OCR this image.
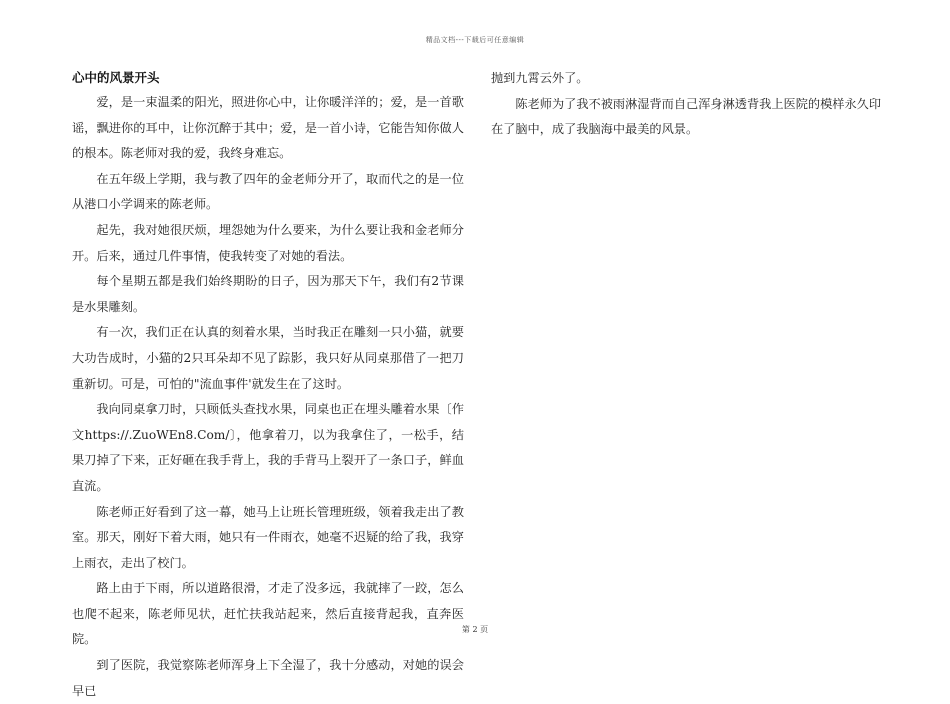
精品文档---下载后可任意编辑
心中的风景开头

爱，是一束温柔的阳光，照进你心中，让你暖洋洋的；爱，是一首歌谣，飘进你的耳中，让你沉醉于其中；爱，是一首小诗，它能告知你做人的根本。陈老师对我的爱，我终身难忘。

在五年级上学期，我与教了四年的金老师分开了，取而代之的是一位从港口小学调来的陈老师。

起先，我对她很厌烦，埋怨她为什么要来，为什么要让我和金老师分开。后来，通过几件事情，使我转变了对她的看法。

每个星期五都是我们始终期盼的日子，因为那天下午，我们有2节课是水果雕刻。

有一次，我们正在认真的刻着水果，当时我正在雕刻一只小猫，就要大功告成时，小猫的2只耳朵却不见了踪影，我只好从同桌那借了一把刀重新切。可是，可怕的"流血事件'就发生在了这时。

我向同桌拿刀时，只顾低头查找水果，同桌也正在埋头雕着水果〔作文https://.ZuoWEn8.Com/〕，他拿着刀，以为我拿住了，一松手，结果刀掉了下来，正好砸在我手背上，我的手背马上裂开了一条口子，鲜血直流。

陈老师正好看到了这一幕，她马上让班长管理班级，领着我走出了教室。那天，刚好下着大雨，她只有一件雨衣，她毫不迟疑的给了我，我穿上雨衣，走出了校门。

路上由于下雨，所以道路很滑，才走了没多远，我就摔了一跤，怎么也爬不起来，陈老师见状，赶忙扶我站起来，然后直接背起我，直奔医院。

到了医院，我觉察陈老师浑身上下全湿了，我十分感动，对她的误会早已

抛到九霄云外了。

陈老师为了我不被雨淋湿背而自己浑身淋透背我上医院的模样永久印在了脑中，成了我脑海中最美的风景。

第 2 页
